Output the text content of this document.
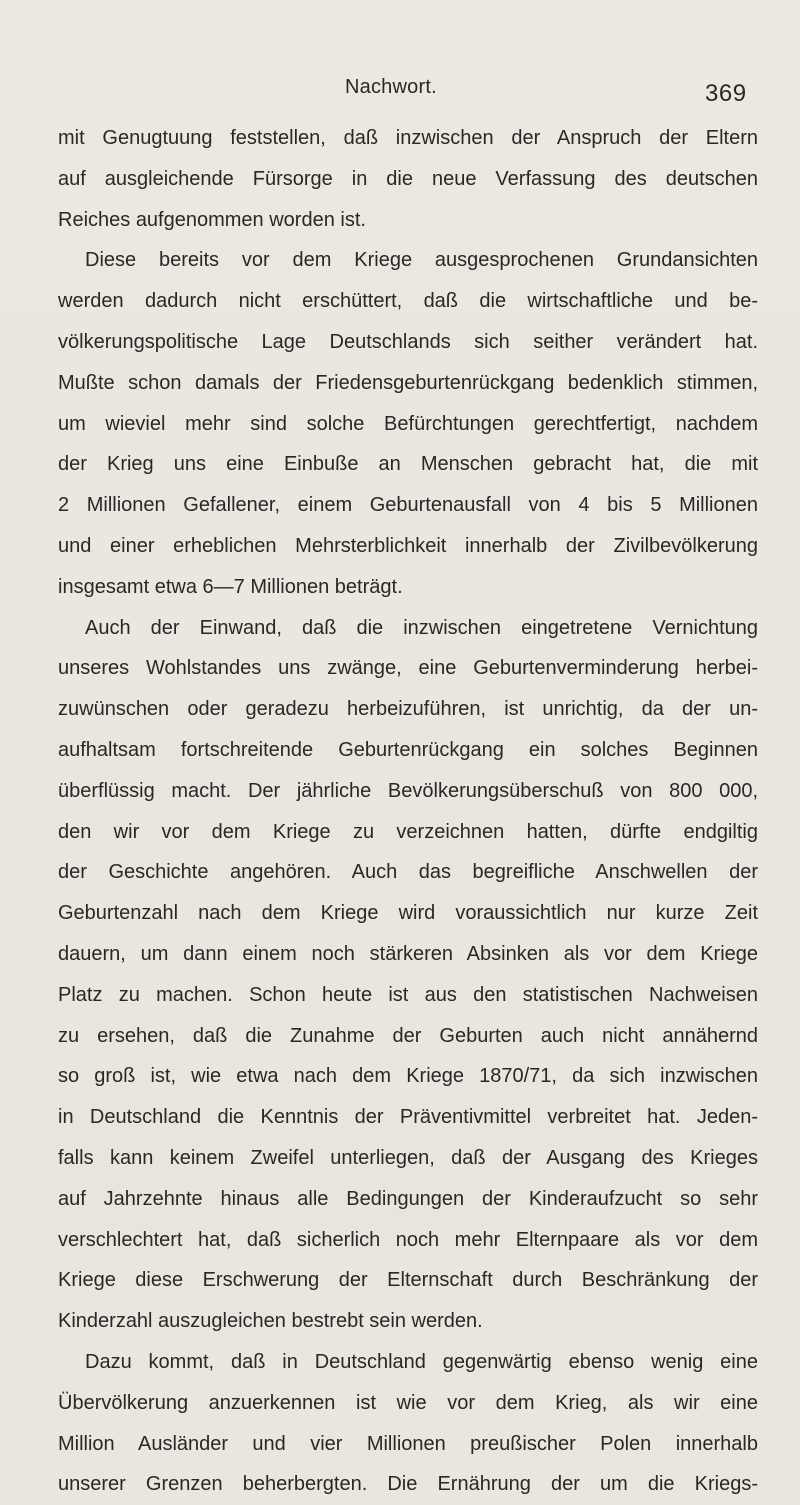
Nachwort.	369
mit Genugtuung feststellen, daß inzwischen der Anspruch der Eltern
auf ausgleichende Fürsorge in die neue Verfassung des deutschen
Reiches aufgenommen worden ist.
Diese bereits vor dem Kriege ausgesprochenen Grundansichten
werden dadurch nicht erschüttert, daß die wirtschaftliche und be-
völkerungspolitische Lage Deutschlands sich seither verändert hat.
Mußte schon damals der Friedensgeburtenrückgang bedenklich stimmen,
um wieviel mehr sind solche Befürchtungen gerechtfertigt, nachdem
der Krieg uns eine Einbuße an Menschen gebracht hat, die mit
2 Millionen Gefallener, einem Geburtenausfall von 4 bis 5 Millionen
und einer erheblichen Mehrsterblichkeit innerhalb der Zivilbevölkerung
insgesamt etwa 6—7 Millionen beträgt.
Auch der Einwand, daß die inzwischen eingetretene Vernichtung
unseres Wohlstandes uns zwänge, eine Geburtenverminderung herbei-
zuwünschen oder geradezu herbeizuführen, ist unrichtig, da der un-
aufhaltsam fortschreitende Geburtenrückgang ein solches Beginnen
überflüssig macht. Der jährliche Bevölkerungsüberschuß von 800 000,
den wir vor dem Kriege zu verzeichnen hatten, dürfte endgiltig
der Geschichte angehören. Auch das begreifliche Anschwellen der
Geburtenzahl nach dem Kriege wird voraussichtlich nur kurze Zeit
dauern, um dann einem noch stärkeren Absinken als vor dem Kriege
Platz zu machen. Schon heute ist aus den statistischen Nachweisen
zu ersehen, daß die Zunahme der Geburten auch nicht annähernd
so groß ist, wie etwa nach dem Kriege 1870/71, da sich inzwischen
in Deutschland die Kenntnis der Präventivmittel verbreitet hat. Jeden-
falls kann keinem Zweifel unterliegen, daß der Ausgang des Krieges
auf Jahrzehnte hinaus alle Bedingungen der Kinderaufzucht so sehr
verschlechtert hat, daß sicherlich noch mehr Elternpaare als vor dem
Kriege diese Erschwerung der Elternschaft durch Beschränkung der
Kinderzahl auszugleichen bestrebt sein werden.
Dazu kommt, daß in Deutschland gegenwärtig ebenso wenig eine
Übervölkerung anzuerkennen ist wie vor dem Krieg, als wir eine
Million Ausländer und vier Millionen preußischer Polen innerhalb
unserer Grenzen beherbergten. Die Ernährung der um die Kriegs-
